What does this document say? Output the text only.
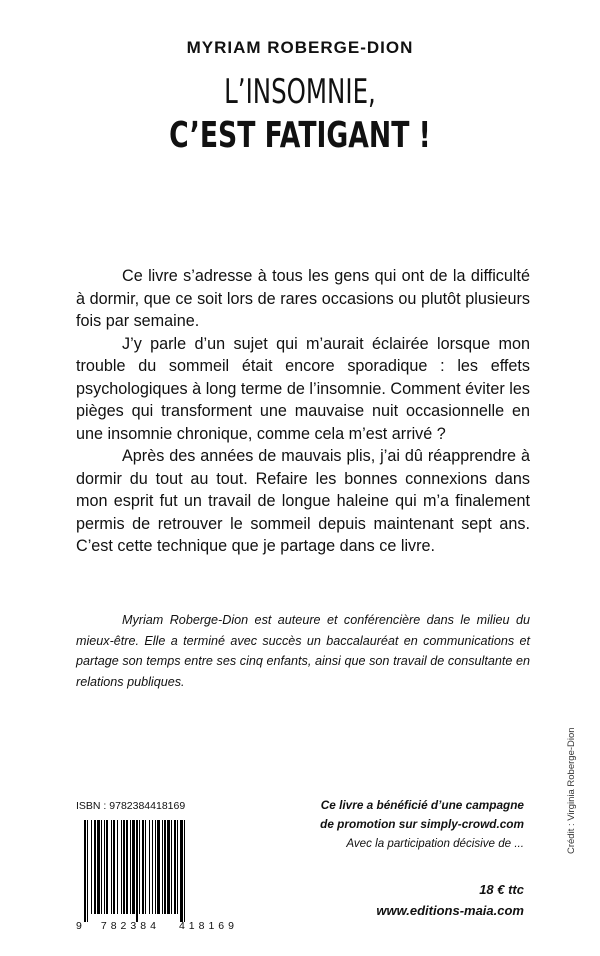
MYRIAM ROBERGE-DION
L’INSOMNIE,
C’EST FATIGANT !

Ce livre s’adresse à tous les gens qui ont de la difficulté à dormir, que ce soit lors de rares occasions ou plutôt plusieurs fois par semaine.

J’y parle d’un sujet qui m’aurait éclairée lorsque mon trouble du sommeil était encore sporadique : les effets psychologiques à long terme de l’insomnie. Comment éviter les pièges qui transforment une mauvaise nuit occasionnelle en une insomnie chronique, comme cela m’est arrivé ?

Après des années de mauvais plis, j’ai dû réapprendre à dormir du tout au tout. Refaire les bonnes connexions dans mon esprit fut un travail de longue haleine qui m’a finalement permis de retrouver le sommeil depuis maintenant sept ans. C’est cette technique que je partage dans ce livre.

Myriam Roberge-Dion est auteure et conférencière dans le milieu du mieux-être. Elle a terminé avec succès un baccalauréat en communications et partage son temps entre ses cinq enfants, ainsi que son travail de consultante en relations publiques.

ISBN : 9782384418169
9 782384 418169
Ce livre a bénéficié d’une campagne
de promotion sur simply-crowd.com
Avec la participation décisive de ...
18 € ttc
www.editions-maia.com
Crédit : Virginia Roberge-Dion
